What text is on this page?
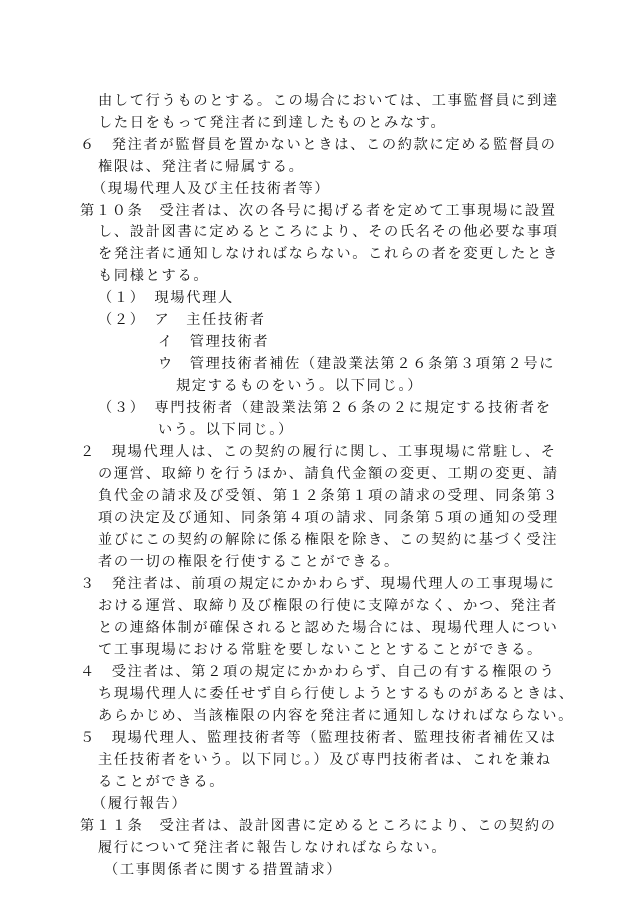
由して行うものとする。この場合においては、工事監督員に到達
した日をもって発注者に到達したものとみなす。
６　発注者が監督員を置かないときは、この約款に定める監督員の
権限は、発注者に帰属する。
（現場代理人及び主任技術者等）
第１０条　受注者は、次の各号に掲げる者を定めて工事現場に設置
し、設計図書に定めるところにより、その氏名その他必要な事項
を発注者に通知しなければならない。これらの者を変更したとき
も同様とする。
（１）　現場代理人
（２）　ア　主任技術者
イ　管理技術者
ウ　管理技術者補佐（建設業法第２６条第３項第２号に
規定するものをいう。以下同じ。）
（３）　専門技術者（建設業法第２６条の２に規定する技術者を
いう。以下同じ。）
２　現場代理人は、この契約の履行に関し、工事現場に常駐し、そ
の運営、取締りを行うほか、請負代金額の変更、工期の変更、請
負代金の請求及び受領、第１２条第１項の請求の受理、同条第３
項の決定及び通知、同条第４項の請求、同条第５項の通知の受理
並びにこの契約の解除に係る権限を除き、この契約に基づく受注
者の一切の権限を行使することができる。
３　発注者は、前項の規定にかかわらず、現場代理人の工事現場に
おける運営、取締り及び権限の行使に支障がなく、かつ、発注者
との連絡体制が確保されると認めた場合には、現場代理人につい
て工事現場における常駐を要しないこととすることができる。
４　受注者は、第２項の規定にかかわらず、自己の有する権限のう
ち現場代理人に委任せず自ら行使しようとするものがあるときは、
あらかじめ、当該権限の内容を発注者に通知しなければならない。
５　現場代理人、監理技術者等（監理技術者、監理技術者補佐又は
主任技術者をいう。以下同じ。）及び専門技術者は、これを兼ね
ることができる。
（履行報告）
第１１条　受注者は、設計図書に定めるところにより、この契約の
履行について発注者に報告しなければならない。
（工事関係者に関する措置請求）
